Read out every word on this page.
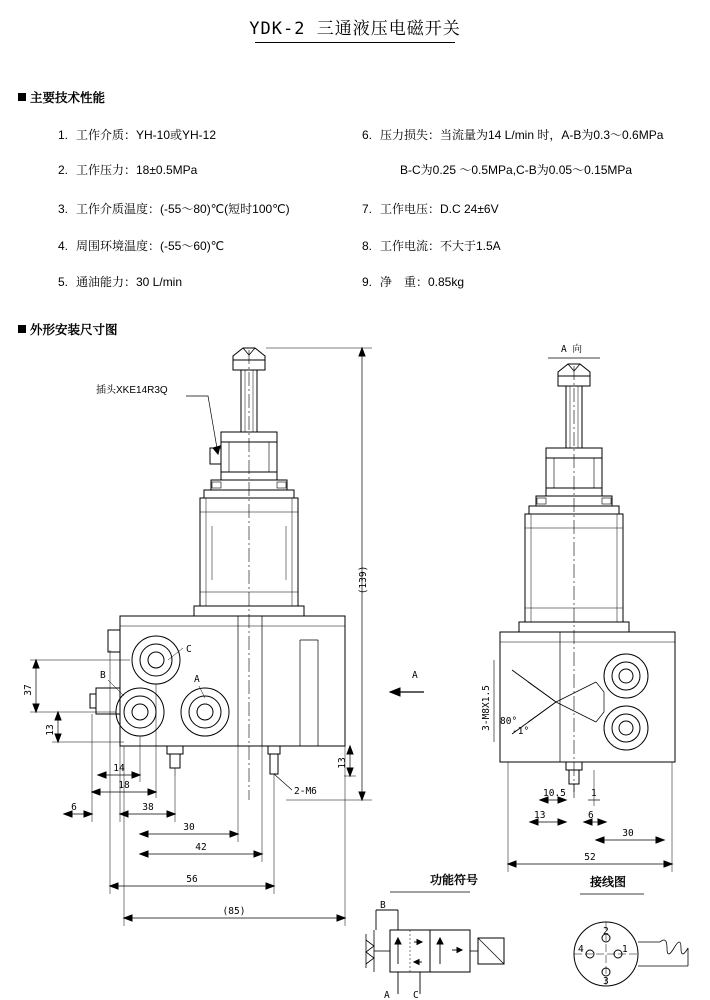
YDK-2 三通液压电磁开关
主要技术性能
1. 工作介质：YH-10或YH-12
2. 工作压力：18±0.5MPa
3. 工作介质温度：(-55～80)℃(短时100℃)
4. 周围环境温度：(-55～60)℃
5. 通油能力：30 L/min
6. 压力损失：当流量为14 L/min 时，A-B为0.3～0.6MPa
B-C为0.25 ～0.5MPa,C-B为0.05～0.15MPa
7. 工作电压：D.C 24±6V
8. 工作电流：不大于1.5A
9. 净　重：0.85kg
外形安装尺寸图
(139)
37
13
14
18
6	38
30
42
56
(85)
13
2-M6
C
B	A
插头XKE14R3Q
A
A 向
3-M8X1.5 80°
-1°
10.5	1
13	6
30
52
功能符号
B
A C
接线图
2
1
3
4
